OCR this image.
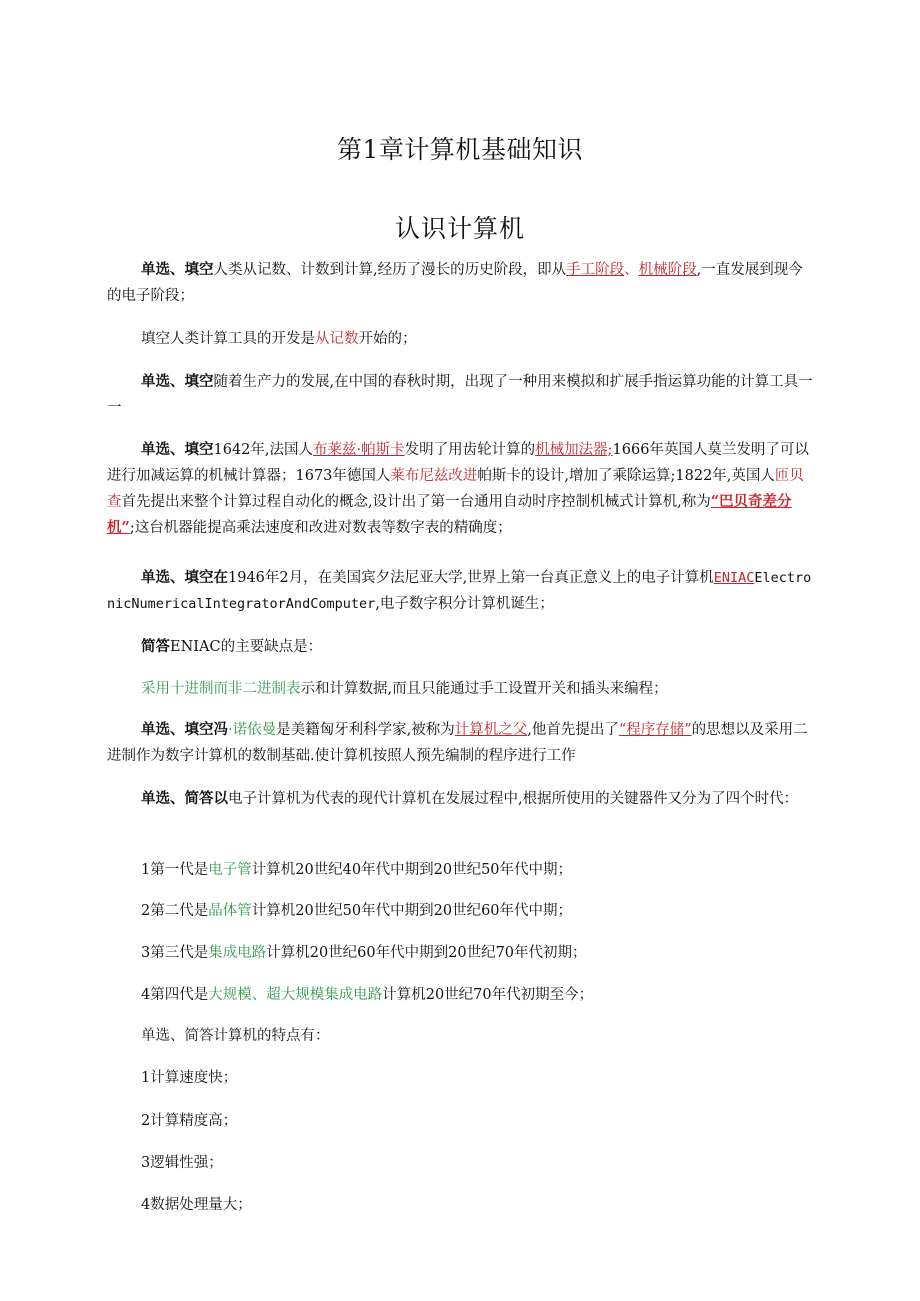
第1章计算机基础知识
认识计算机
单选、填空人类从记数、计数到计算,经历了漫长的历史阶段，即从手工阶段、机械阶段,一直发展到现今的电子阶段；
填空人类计算工具的开发是从记数开始的；
单选、填空随着生产力的发展,在中国的春秋时期，出现了一种用来模拟和扩展手指运算功能的计算工具一一
单选、填空1642年,法国人布莱兹·帕斯卡发明了用齿轮计算的机械加法器;1666年英国人莫兰发明了可以进行加减运算的机械计算器；1673年德国人莱布尼兹改进帕斯卡的设计,增加了乘除运算;1822年,英国人匝贝查首先提出来整个计算过程自动化的概念,设计出了第一台通用自动时序控制机械式计算机,称为“巴贝奇差分机”;这台机器能提高乘法速度和改进对数表等数字表的精确度；
单选、填空在1946年2月，在美国宾夕法尼亚大学,世界上第一台真正意义上的电子计算机ENIACElectronicNumericalIntegratorAndComputer,电子数字积分计算机诞生；
简答ENIAC的主要缺点是：
采用十进制而非二进制表示和计算数据,而且只能通过手工设置开关和插头来编程；
单选、填空冯·诺依曼是美籍匈牙利科学家,被称为计算机之父,他首先提出了“程序存储”的思想以及采用二进制作为数字计算机的数制基础.使计算机按照人预先编制的程序进行工作
单选、简答以电子计算机为代表的现代计算机在发展过程中,根据所使用的关键器件又分为了四个时代：
1第一代是电子管计算机20世纪40年代中期到20世纪50年代中期；
2第二代是晶体管计算机20世纪50年代中期到20世纪60年代中期；
3第三代是集成电路计算机20世纪60年代中期到20世纪70年代初期；
4第四代是大规模、超大规模集成电路计算机20世纪70年代初期至今；
单选、简答计算机的特点有：
1计算速度快；
2计算精度高；
3逻辑性强；
4数据处理量大；
